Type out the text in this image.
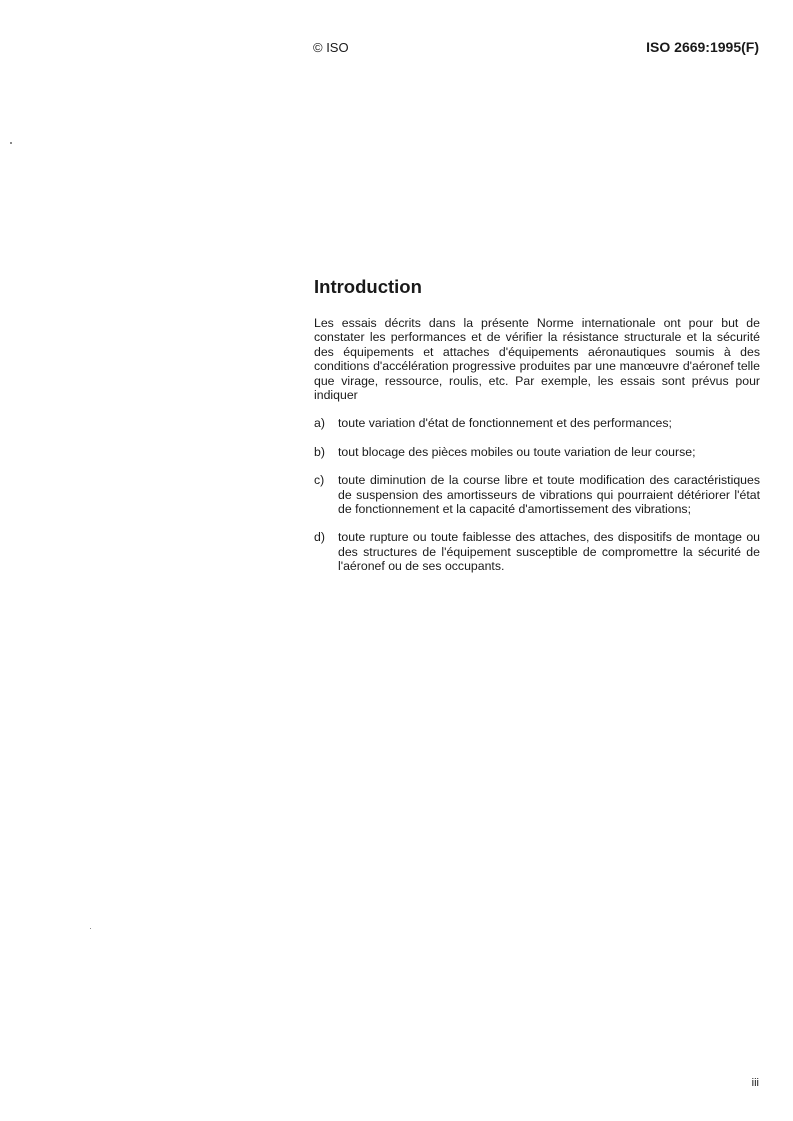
© ISO	ISO 2669:1995(F)
Introduction

Les essais décrits dans la présente Norme internationale ont pour but de constater les performances et de vérifier la résistance structurale et la sécurité des équipements et attaches d'équipements aéronautiques soumis à des conditions d'accélération progressive produites par une manœuvre d'aéronef telle que virage, ressource, roulis, etc. Par exemple, les essais sont prévus pour indiquer

a) toute variation d'état de fonctionnement et des performances;
b) tout blocage des pièces mobiles ou toute variation de leur course;
c) toute diminution de la course libre et toute modification des caractéristiques de suspension des amortisseurs de vibrations qui pourraient détériorer l'état de fonctionnement et la capacité d'amortissement des vibrations;
d) toute rupture ou toute faiblesse des attaches, des dispositifs de montage ou des structures de l'équipement susceptible de compromettre la sécurité de l'aéronef ou de ses occupants.
iii
